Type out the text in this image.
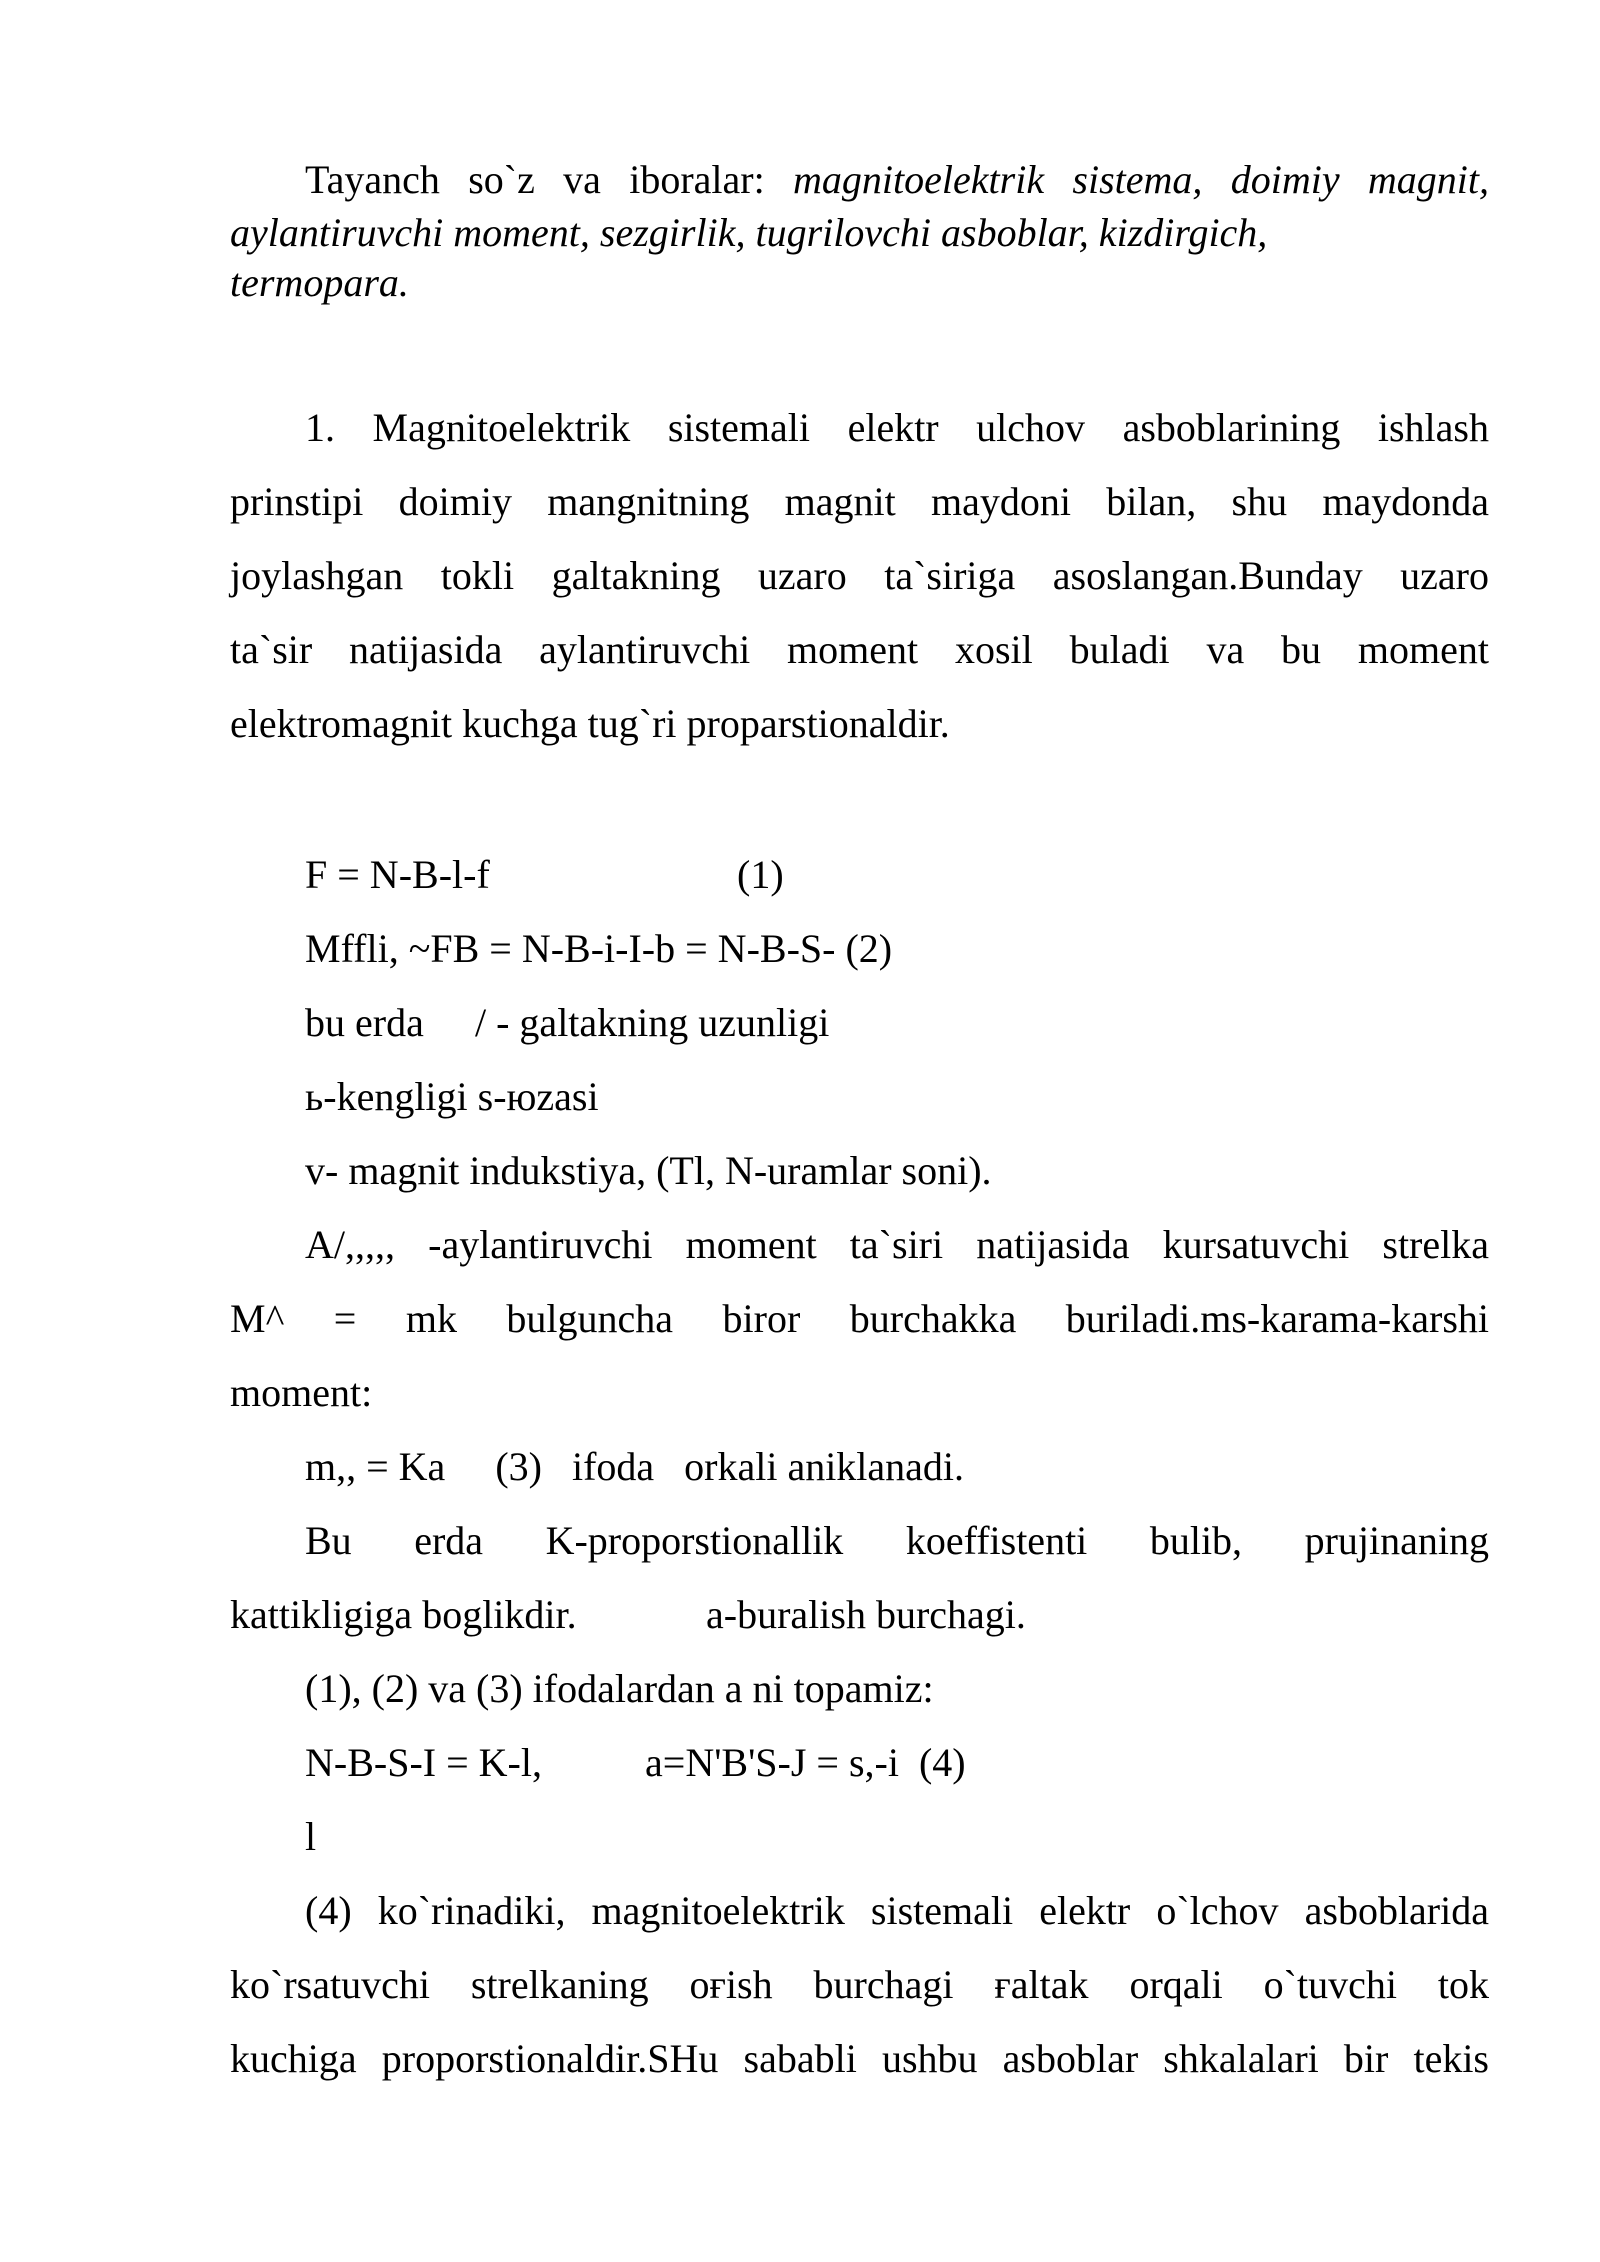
Tayanch so`z va iboralar: magnitoelektrik sistema, doimiy magnit,
aylantiruvchi moment, sezgirlik, tugrilovchi asboblar, kizdirgich,
termopara.
1. Magnitoelektrik sistemali elektr ulchov asboblarining ishlash
prinstipi doimiy mangnitning magnit maydoni bilan, shu maydonda
joylashgan tokli galtakning uzaro ta`siriga asoslangan.Bunday uzaro
ta`sir natijasida aylantiruvchi moment xosil buladi va bu moment
elektromagnit kuchga tug`ri proparstionaldir.
F = N-B-l-f	(1)
Mffli, ~FB = N-B-i-I-b = N-B-S- (2)
bu erda / - galtakning uzunligi
ь-kengligi s-юzasi
v- magnit indukstiya, (Tl, N-uramlar soni).
A/,,,,, -aylantiruvchi moment ta`siri natijasida kursatuvchi strelka
M^ = mk bulguncha biror burchakka buriladi.ms-karama-karshi
moment:
m,, = Ka     (3)   ifoda   orkali aniklanadi.
Bu erda K-proporstionallik koeffistenti bulib, prujinaning
kattikligiga boglikdir.	a-buralish burchagi.
(1), (2) va (3) ifodalardan a ni topamiz:
N-B-S-I = K-l,	a=N'B'S-J = s,-i  (4)
l
(4) ko`rinadiki, magnitoelektrik sistemali elektr o`lchov asboblarida
ko`rsatuvchi strelkaning oғish burchagi ғaltak orqali o`tuvchi tok
kuchiga proporstionaldir.SHu sababli ushbu asboblar shkalalari bir tekis
